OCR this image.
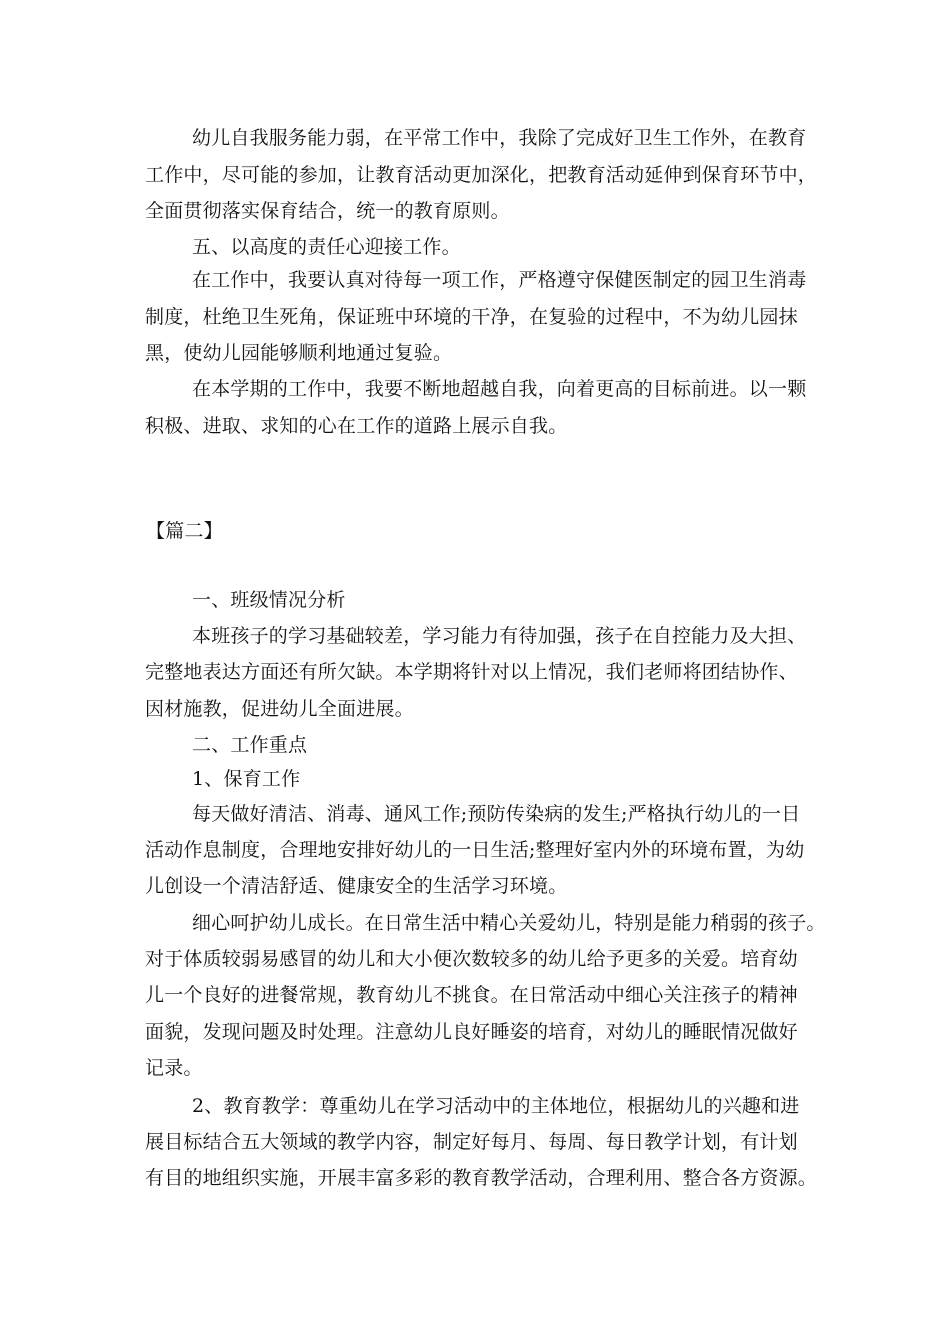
幼儿自我服务能力弱，在平常工作中，我除了完成好卫生工作外，在教育
工作中，尽可能的参加，让教育活动更加深化，把教育活动延伸到保育环节中，
全面贯彻落实保育结合，统一的教育原则。
五、以高度的责任心迎接工作。
在工作中，我要认真对待每一项工作，严格遵守保健医制定的园卫生消毒
制度，杜绝卫生死角，保证班中环境的干净，在复验的过程中，不为幼儿园抹
黑，使幼儿园能够顺利地通过复验。
在本学期的工作中，我要不断地超越自我，向着更高的目标前进。以一颗
积极、进取、求知的心在工作的道路上展示自我。
【篇二】
一、班级情况分析
本班孩子的学习基础较差，学习能力有待加强，孩子在自控能力及大担、
完整地表达方面还有所欠缺。本学期将针对以上情况，我们老师将团结协作、
因材施教，促进幼儿全面进展。
二、工作重点
1、保育工作
每天做好清洁、消毒、通风工作;预防传染病的发生;严格执行幼儿的一日
活动作息制度，合理地安排好幼儿的一日生活;整理好室内外的环境布置，为幼
儿创设一个清洁舒适、健康安全的生活学习环境。
细心呵护幼儿成长。在日常生活中精心关爱幼儿，特别是能力稍弱的孩子。
对于体质较弱易感冒的幼儿和大小便次数较多的幼儿给予更多的关爱。培育幼
儿一个良好的进餐常规，教育幼儿不挑食。在日常活动中细心关注孩子的精神
面貌，发现问题及时处理。注意幼儿良好睡姿的培育，对幼儿的睡眠情况做好
记录。
2、教育教学：尊重幼儿在学习活动中的主体地位，根据幼儿的兴趣和进
展目标结合五大领域的教学内容，制定好每月、每周、每日教学计划，有计划
有目的地组织实施，开展丰富多彩的教育教学活动，合理利用、整合各方资源。
